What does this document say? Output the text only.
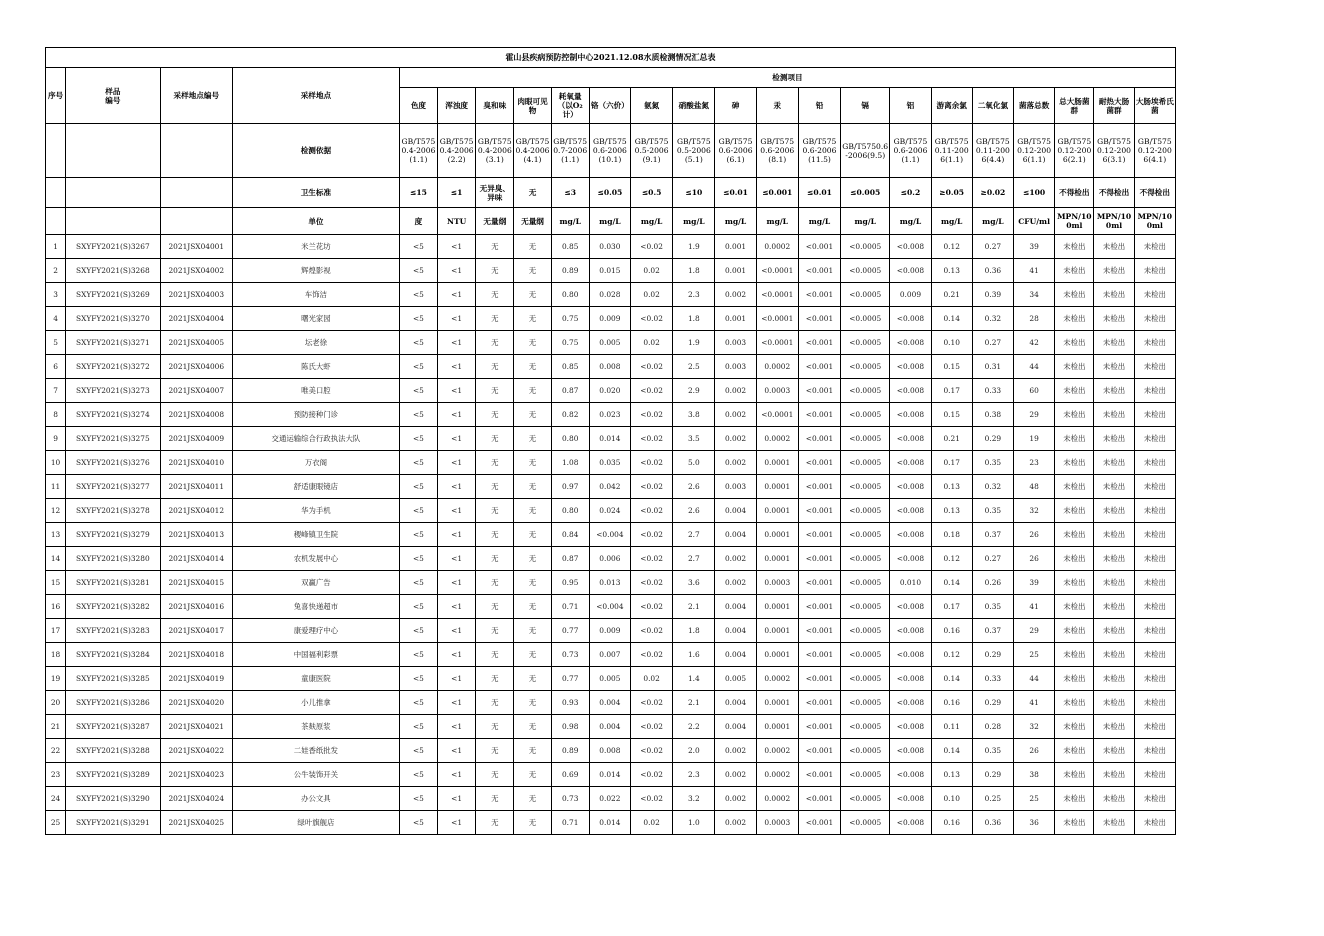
霍山县疾病预防控制中心2021.12.08水质检测情况汇总表																						
序号	样品
编号	采样地点编号	采样地点	检测项目																		
				色度	浑浊度	臭和味	肉眼可见物	耗氧量（以O₂计）	铬（六价）	氨氮	硝酸盐氮	砷	汞	铅	镉	铝	游离余氯	二氧化氯	菌落总数	总大肠菌群	耐热大肠菌群	大肠埃希氏菌
			检测依据	GB/T5750.4-2006(1.1)	GB/T5750.4-2006(2.2)	GB/T5750.4-2006(3.1)	GB/T5750.4-2006(4.1)	GB/T5750.7-2006(1.1)	GB/T5750.6-2006(10.1)	GB/T5750.5-2006(9.1)	GB/T5750.5-2006(5.1)	GB/T5750.6-2006(6.1)	GB/T5750.6-2006(8.1)	GB/T5750.6-2006(11.5)	GB/T5750.6-2006(9.5)	GB/T5750.6-2006(1.1)	GB/T5750.11-2006(1.1)	GB/T5750.11-2006(4.4)	GB/T5750.12-2006(1.1)	GB/T5750.12-2006(2.1)	GB/T5750.12-2006(3.1)	GB/T5750.12-2006(4.1)
			卫生标准	≤15	≤1	无异臭、异味	无	≤3	≤0.05	≤0.5	≤10	≤0.01	≤0.001	≤0.01	≤0.005	≤0.2	≥0.05	≥0.02	≤100	不得检出	不得检出	不得检出
			单位	度	NTU	无量纲	无量纲	mg/L	mg/L	mg/L	mg/L	mg/L	mg/L	mg/L	mg/L	mg/L	mg/L	mg/L	CFU/ml	MPN/100ml	MPN/100ml	MPN/100ml
1	SXYFY2021(S)3267	2021JSX04001	米兰花坊	<5	<1	无	无	0.85	0.030	<0.02	1.9	0.001	0.0002	<0.001	<0.0005	<0.008	0.12	0.27	39	未检出	未检出	未检出
2	SXYFY2021(S)3268	2021JSX04002	辉煌影视	<5	<1	无	无	0.89	0.015	0.02	1.8	0.001	<0.0001	<0.001	<0.0005	<0.008	0.13	0.36	41	未检出	未检出	未检出
3	SXYFY2021(S)3269	2021JSX04003	车饰洁	<5	<1	无	无	0.80	0.028	0.02	2.3	0.002	<0.0001	<0.001	<0.0005	0.009	0.21	0.39	34	未检出	未检出	未检出
4	SXYFY2021(S)3270	2021JSX04004	曙光家园	<5	<1	无	无	0.75	0.009	<0.02	1.8	0.001	<0.0001	<0.001	<0.0005	<0.008	0.14	0.32	28	未检出	未检出	未检出
5	SXYFY2021(S)3271	2021JSX04005	坛老徐	<5	<1	无	无	0.75	0.005	0.02	1.9	0.003	<0.0001	<0.001	<0.0005	<0.008	0.10	0.27	42	未检出	未检出	未检出
6	SXYFY2021(S)3272	2021JSX04006	陈氏大虾	<5	<1	无	无	0.85	0.008	<0.02	2.5	0.003	0.0002	<0.001	<0.0005	<0.008	0.15	0.31	44	未检出	未检出	未检出
7	SXYFY2021(S)3273	2021JSX04007	唯美口腔	<5	<1	无	无	0.87	0.020	<0.02	2.9	0.002	0.0003	<0.001	<0.0005	<0.008	0.17	0.33	60	未检出	未检出	未检出
8	SXYFY2021(S)3274	2021JSX04008	预防接种门诊	<5	<1	无	无	0.82	0.023	<0.02	3.8	0.002	<0.0001	<0.001	<0.0005	<0.008	0.15	0.38	29	未检出	未检出	未检出
9	SXYFY2021(S)3275	2021JSX04009	交通运输综合行政执法大队	<5	<1	无	无	0.80	0.014	<0.02	3.5	0.002	0.0002	<0.001	<0.0005	<0.008	0.21	0.29	19	未检出	未检出	未检出
10	SXYFY2021(S)3276	2021JSX04010	万衣阁	<5	<1	无	无	1.08	0.035	<0.02	5.0	0.002	0.0001	<0.001	<0.0005	<0.008	0.17	0.35	23	未检出	未检出	未检出
11	SXYFY2021(S)3277	2021JSX04011	舒适康眼镜店	<5	<1	无	无	0.97	0.042	<0.02	2.6	0.003	0.0001	<0.001	<0.0005	<0.008	0.13	0.32	48	未检出	未检出	未检出
12	SXYFY2021(S)3278	2021JSX04012	华为手机	<5	<1	无	无	0.80	0.024	<0.02	2.6	0.004	0.0001	<0.001	<0.0005	<0.008	0.13	0.35	32	未检出	未检出	未检出
13	SXYFY2021(S)3279	2021JSX04013	稷峰镇卫生院	<5	<1	无	无	0.84	<0.004	<0.02	2.7	0.004	0.0001	<0.001	<0.0005	<0.008	0.18	0.37	26	未检出	未检出	未检出
14	SXYFY2021(S)3280	2021JSX04014	农机发展中心	<5	<1	无	无	0.87	0.006	<0.02	2.7	0.002	0.0001	<0.001	<0.0005	<0.008	0.12	0.27	26	未检出	未检出	未检出
15	SXYFY2021(S)3281	2021JSX04015	双赢广告	<5	<1	无	无	0.95	0.013	<0.02	3.6	0.002	0.0003	<0.001	<0.0005	0.010	0.14	0.26	39	未检出	未检出	未检出
16	SXYFY2021(S)3282	2021JSX04016	兔喜快递超市	<5	<1	无	无	0.71	<0.004	<0.02	2.1	0.004	0.0001	<0.001	<0.0005	<0.008	0.17	0.35	41	未检出	未检出	未检出
17	SXYFY2021(S)3283	2021JSX04017	康爱理疗中心	<5	<1	无	无	0.77	0.009	<0.02	1.8	0.004	0.0001	<0.001	<0.0005	<0.008	0.16	0.37	29	未检出	未检出	未检出
18	SXYFY2021(S)3284	2021JSX04018	中国福利彩票	<5	<1	无	无	0.73	0.007	<0.02	1.6	0.004	0.0001	<0.001	<0.0005	<0.008	0.12	0.29	25	未检出	未检出	未检出
19	SXYFY2021(S)3285	2021JSX04019	童康医院	<5	<1	无	无	0.77	0.005	0.02	1.4	0.005	0.0002	<0.001	<0.0005	<0.008	0.14	0.33	44	未检出	未检出	未检出
20	SXYFY2021(S)3286	2021JSX04020	小儿推拿	<5	<1	无	无	0.93	0.004	<0.02	2.1	0.004	0.0001	<0.001	<0.0005	<0.008	0.16	0.29	41	未检出	未检出	未检出
21	SXYFY2021(S)3287	2021JSX04021	茶麸原浆	<5	<1	无	无	0.98	0.004	<0.02	2.2	0.004	0.0001	<0.001	<0.0005	<0.008	0.11	0.28	32	未检出	未检出	未检出
22	SXYFY2021(S)3288	2021JSX04022	二娃香纸批发	<5	<1	无	无	0.89	0.008	<0.02	2.0	0.002	0.0002	<0.001	<0.0005	<0.008	0.14	0.35	26	未检出	未检出	未检出
23	SXYFY2021(S)3289	2021JSX04023	公牛装饰开关	<5	<1	无	无	0.69	0.014	<0.02	2.3	0.002	0.0002	<0.001	<0.0005	<0.008	0.13	0.29	38	未检出	未检出	未检出
24	SXYFY2021(S)3290	2021JSX04024	办公文具	<5	<1	无	无	0.73	0.022	<0.02	3.2	0.002	0.0002	<0.001	<0.0005	<0.008	0.10	0.25	25	未检出	未检出	未检出
25	SXYFY2021(S)3291	2021JSX04025	绿叶旗舰店	<5	<1	无	无	0.71	0.014	0.02	1.0	0.002	0.0003	<0.001	<0.0005	<0.008	0.16	0.36	36	未检出	未检出	未检出
